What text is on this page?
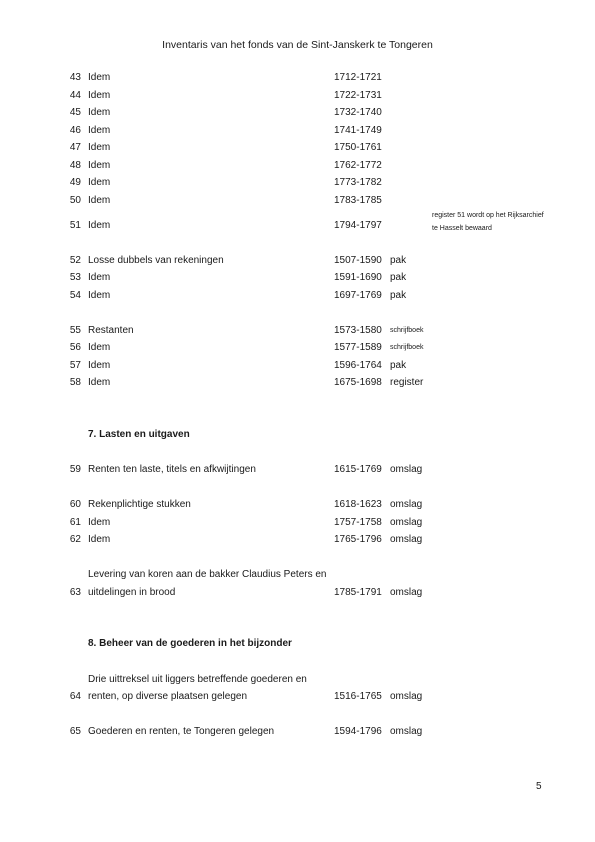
Inventaris van het fonds van de Sint-Janskerk te Tongeren
43 Idem	1712-1721
44 Idem	1722-1731
45 Idem	1732-1740
46 Idem	1741-1749
47 Idem	1750-1761
48 Idem	1762-1772
49 Idem	1773-1782
50 Idem	1783-1785
register 51 wordt op het Rijksarchief
te Hasselt bewaard
51 Idem	1794-1797
52 Losse dubbels van rekeningen	1507-1590 pak
53 Idem	1591-1690 pak
54 Idem	1697-1769 pak
55 Restanten	1573-1580 schrijfboek
56 Idem	1577-1589 schrijfboek
57 Idem	1596-1764 pak
58 Idem	1675-1698 register
7. Lasten en uitgaven
59 Renten ten laste, titels en afkwijtingen	1615-1769 omslag
60 Rekenplichtige stukken	1618-1623 omslag
61 Idem	1757-1758 omslag
62 Idem	1765-1796 omslag
Levering van koren aan de bakker Claudius Peters en
63 uitdelingen in brood	1785-1791 omslag
8. Beheer van de goederen in het bijzonder
Drie uittreksel uit liggers betreffende goederen en
64 renten, op diverse plaatsen gelegen	1516-1765 omslag
65 Goederen en renten, te Tongeren gelegen	1594-1796 omslag
5
